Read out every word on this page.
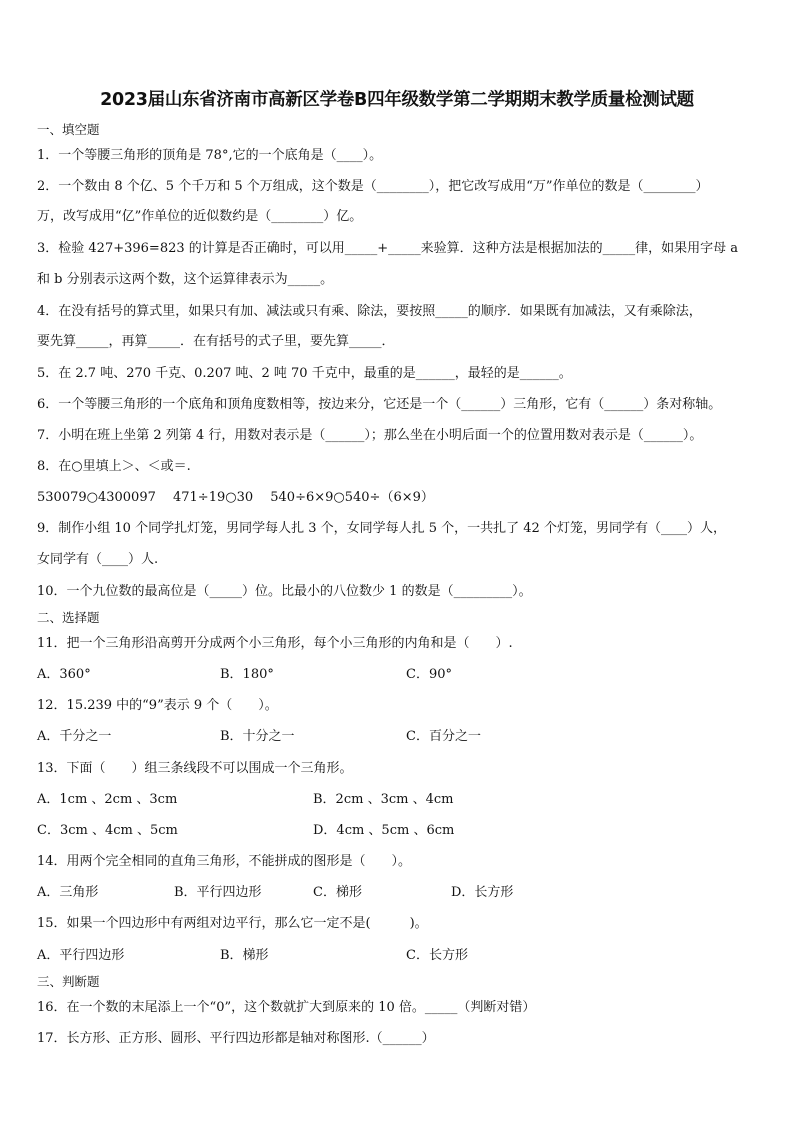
2023届山东省济南市高新区学卷B四年级数学第二学期期末教学质量检测试题
一、填空题
1．一个等腰三角形的顶角是 78°,它的一个底角是（____）。
2．一个数由 8 个亿、5 个千万和 5 个万组成，这个数是（________），把它改写成用“万”作单位的数是（________）
万，改写成用“亿”作单位的近似数约是（________）亿。
3．检验 427+396=823 的计算是否正确时，可以用_____+_____来验算．这种方法是根据加法的_____律，如果用字母 a
和 b 分别表示这两个数，这个运算律表示为_____。
4．在没有括号的算式里，如果只有加、减法或只有乘、除法，要按照_____的顺序．如果既有加减法，又有乘除法，
要先算_____，再算_____．在有括号的式子里，要先算_____．
5．在 2.7 吨、270 千克、0.207 吨、2 吨 70 千克中，最重的是______，最轻的是______。
6．一个等腰三角形的一个底角和顶角度数相等，按边来分，它还是一个（______）三角形，它有（______）条对称轴。
7．小明在班上坐第 2 列第 4 行，用数对表示是（______）；那么坐在小明后面一个的位置用数对表示是（______）。
8．在○里填上＞、＜或＝.
530079○4300097　 471÷19○30　 540÷6×9○540÷（6×9）
9．制作小组 10 个同学扎灯笼，男同学每人扎 3 个，女同学每人扎 5 个，一共扎了 42 个灯笼，男同学有（____）人，
女同学有（____）人.
10．一个九位数的最高位是（_____）位。比最小的八位数少 1 的数是（_________）。
二、选择题
11．把一个三角形沿高剪开分成两个小三角形，每个小三角形的内角和是（　　）.
A．360°	B．180°	C．90°
12．15.239 中的“9”表示 9 个（　　）。
A．千分之一	B．十分之一	C．百分之一
13．下面（　　）组三条线段不可以围成一个三角形。
A．1cm 、2cm 、3cm	B．2cm 、3cm 、4cm
C．3cm 、4cm 、5cm	D．4cm 、5cm 、6cm
14．用两个完全相同的直角三角形，不能拼成的图形是（　　）。
A．三角形	B．平行四边形	C．梯形	D．长方形
15．如果一个四边形中有两组对边平行，那么它一定不是(　　　)。
A．平行四边形	B．梯形	C．长方形
三、判断题
16．在一个数的末尾添上一个“0”，这个数就扩大到原来的 10 倍。_____（判断对错）
17．长方形、正方形、圆形、平行四边形都是轴对称图形.（______）
